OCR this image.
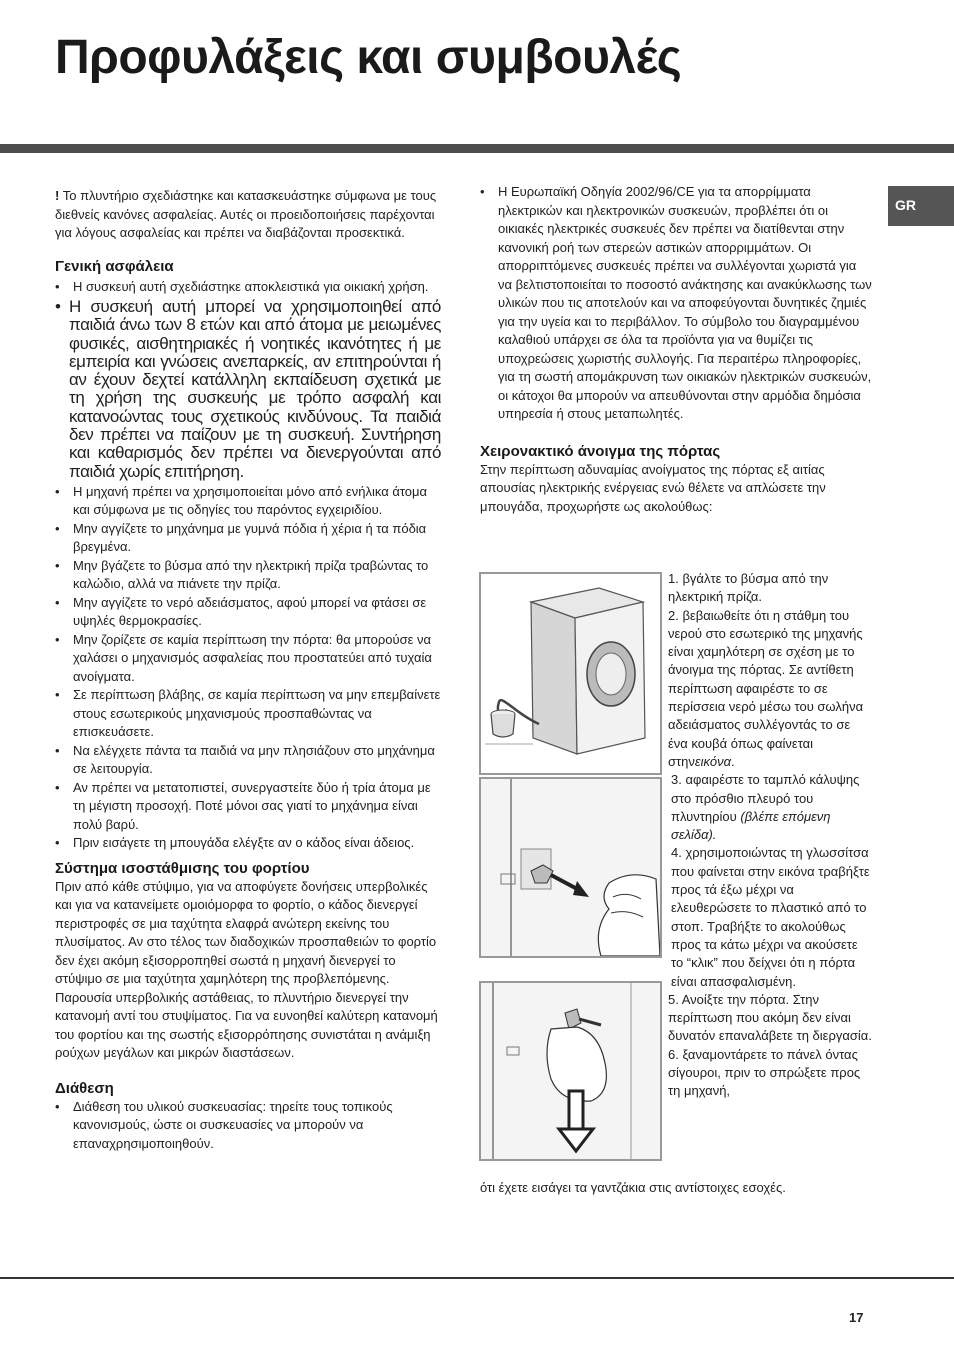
Προφυλάξεις και συμβουλές
GR

! Το πλυντήριο σχεδιάστηκε και κατασκευάστηκε σύμφωνα με τους διεθνείς κανόνες ασφαλείας. Αυτές οι προειδοποιήσεις παρέχονται για λόγους ασφαλείας και πρέπει να διαβάζονται προσεκτικά.

Γενική ασφάλεια
• Η συσκευή αυτή σχεδιάστηκε αποκλειστικά για οικιακή χρήση.
• Η συσκευή αυτή μπορεί να χρησιμοποιηθεί από παιδιά άνω των 8 ετών και από άτομα με μειωμένες φυσικές, αισθητηριακές ή νοητικές ικανότητες ή με εμπειρία και γνώσεις ανεπαρκείς, αν επιτηρούνται ή αν έχουν δεχτεί κατάλληλη εκπαίδευση σχετικά με τη χρήση της συσκευής με τρόπο ασφαλή και κατανοώντας τους σχετικούς κινδύνους. Τα παιδιά δεν πρέπει να παίζουν με τη συσκευή. Συντήρηση και καθαρισμός δεν πρέπει να διενεργούνται από παιδιά χωρίς επιτήρηση.
• Η μηχανή πρέπει να χρησιμοποιείται μόνο από ενήλικα άτομα και σύμφωνα με τις οδηγίες του παρόντος εγχειριδίου.
• Μην αγγίζετε το μηχάνημα με γυμνά πόδια ή χέρια ή τα πόδια βρεγμένα.
• Μην βγάζετε το βύσμα από την ηλεκτρική πρίζα τραβώντας το καλώδιο, αλλά να πιάνετε την πρίζα.
• Μην αγγίζετε το νερό αδειάσματος, αφού μπορεί να φτάσει σε υψηλές θερμοκρασίες.
• Μην ζορίζετε σε καμία περίπτωση την πόρτα: θα μπορούσε να χαλάσει ο μηχανισμός ασφαλείας που προστατεύει από τυχαία ανοίγματα.
• Σε περίπτωση βλάβης, σε καμία περίπτωση να μην επεμβαίνετε στους εσωτερικούς μηχανισμούς προσπαθώντας να επισκευάσετε.
• Να ελέγχετε πάντα τα παιδιά να μην πλησιάζουν στο μηχάνημα σε λειτουργία.
• Αν πρέπει να μετατοπιστεί, συνεργαστείτε δύο ή τρία άτομα με τη μέγιστη προσοχή. Ποτέ μόνοι σας γιατί το μηχάνημα είναι πολύ βαρύ.
• Πριν εισάγετε τη μπουγάδα ελέγξτε αν ο κάδος είναι άδειος.
Σύστημα ισοστάθμισης του φορτίου

Πριν από κάθε στύψιμο, για να αποφύγετε δονήσεις υπερβολικές και για να κατανείμετε ομοιόμορφα το φορτίο, ο κάδος διενεργεί περιστροφές σε μια ταχύτητα ελαφρά ανώτερη εκείνης του πλυσίματος. Αν στο τέλος των διαδοχικών προσπαθειών το φορτίο δεν έχει ακόμη εξισορροπηθεί σωστά η μηχανή διενεργεί το στύψιμο σε μια ταχύτητα χαμηλότερη της προβλεπόμενης. Παρουσία υπερβολικής αστάθειας, το πλυντήριο διενεργεί την κατανομή αντί του στυψίματος. Για να ευνοηθεί καλύτερη κατανομή του φορτίου και της σωστής εξισορρόπησης συνιστάται η ανάμιξη ρούχων μεγάλων και μικρών διαστάσεων.

Διάθεση
• Διάθεση του υλικού συσκευασίας: τηρείτε τους τοπικούς κανονισμούς, ώστε οι συσκευασίες να μπορούν να επαναχρησιμοποιηθούν.
• Η Ευρωπαϊκή Οδηγία 2002/96/CE για τα απορρίμματα ηλεκτρικών και ηλεκτρονικών συσκευών, προβλέπει ότι οι οικιακές ηλεκτρικές συσκευές δεν πρέπει να διατίθενται στην κανονική ροή των στερεών αστικών απορριμμάτων. Οι απορριπτόμενες συσκευές πρέπει να συλλέγονται χωριστά για να βελτιστοποιείται το ποσοστό ανάκτησης και ανακύκλωσης των υλικών που τις αποτελούν και να αποφεύγονται δυνητικές ζημιές για την υγεία και το περιβάλλον. Το σύμβολο του διαγραμμένου καλαθιού υπάρχει σε όλα τα προϊόντα για να θυμίζει τις υποχρεώσεις χωριστής συλλογής. Για περαιτέρω πληροφορίες, για τη σωστή απομάκρυνση των οικιακών ηλεκτρικών συσκευών, οι κάτοχοι θα μπορούν να απευθύνονται στην αρμόδια δημόσια υπηρεσία ή στους μεταπωλητές.
Χειρονακτικό άνοιγμα της πόρτας

Στην περίπτωση αδυναμίας ανοίγματος της πόρτας εξ αιτίας απουσίας ηλεκτρικής ενέργειας ενώ θέλετε να απλώσετε την μπουγάδα, προχωρήστε ως ακολούθως:

1. βγάλτε το βύσμα από την ηλεκτρική πρίζα.

2. βεβαιωθείτε ότι η στάθμη του νερού στο εσωτερικό της μηχανής είναι χαμηλότερη σε σχέση με το άνοιγμα της πόρτας. Σε αντίθετη περίπτωση αφαιρέστε το σε περίσσεια νερό μέσω του σωλήνα αδειάσματος συλλέγοντάς το σε ένα κουβά όπως φαίνεται στηνεικόνα.

3. αφαιρέστε το ταμπλό κάλυψης στο πρόσθιο πλευρό του πλυντηρίου (βλέπε επόμενη σελίδα).

4. χρησιμοποιώντας τη γλωσσίτσα που φαίνεται στην εικόνα τραβήξτε προς τά έξω μέχρι να ελευθερώσετε το πλαστικό από το στοπ. Τραβήξτε το ακολούθως προς τα κάτω μέχρι να ακούσετε το “κλικ” που δείχνει ότι η πόρτα είναι απασφαλισμένη.

5. Ανοίξτε την πόρτα. Στην περίπτωση που ακόμη δεν είναι δυνατόν επαναλάβετε τη διεργασία.

6. ξαναμοντάρετε το πάνελ όντας σίγουροι, πριν το σπρώξετε προς τη μηχανή,

ότι έχετε εισάγει τα γαντζάκια στις αντίστοιχες εσοχές.
17
